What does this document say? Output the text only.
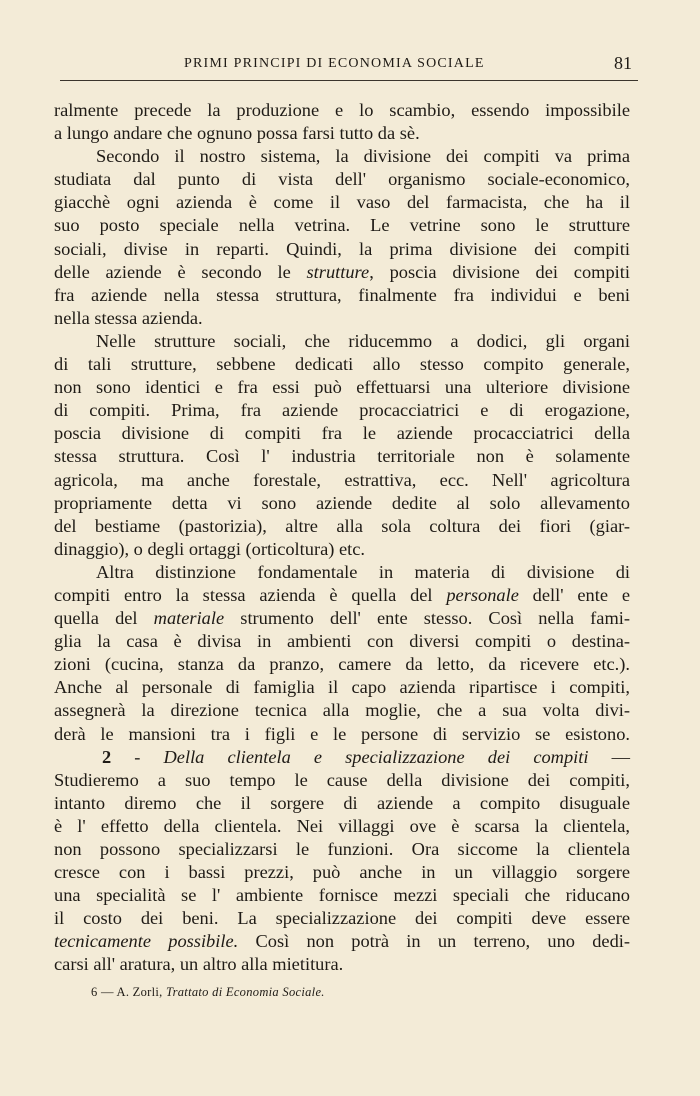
PRIMI PRINCIPI DI ECONOMIA SOCIALE	81
ralmente precede la produzione e lo scambio, essendo impossibile
a lungo andare che ognuno possa farsi tutto da sè.
Secondo il nostro sistema, la divisione dei compiti va prima
studiata dal punto di vista dell' organismo sociale-economico,
giacchè ogni azienda è come il vaso del farmacista, che ha il
suo posto speciale nella vetrina. Le vetrine sono le strutture
sociali, divise in reparti. Quindi, la prima divisione dei compiti
delle aziende è secondo le strutture, poscia divisione dei compiti
fra aziende nella stessa struttura, finalmente fra individui e beni
nella stessa azienda.
Nelle strutture sociali, che riducemmo a dodici, gli organi
di tali strutture, sebbene dedicati allo stesso compito generale,
non sono identici e fra essi può effettuarsi una ulteriore divisione
di compiti. Prima, fra aziende procacciatrici e di erogazione,
poscia divisione di compiti fra le aziende procacciatrici della
stessa struttura. Così l' industria territoriale non è solamente
agricola, ma anche forestale, estrattiva, ecc. Nell' agricoltura
propriamente detta vi sono aziende dedite al solo allevamento
del bestiame (pastorizia), altre alla sola coltura dei fiori (giar-
dinaggio), o degli ortaggi (orticoltura) etc.
Altra distinzione fondamentale in materia di divisione di
compiti entro la stessa azienda è quella del personale dell' ente e
quella del materiale strumento dell' ente stesso. Così nella fami-
glia la casa è divisa in ambienti con diversi compiti o destina-
zioni (cucina, stanza da pranzo, camere da letto, da ricevere etc.).
Anche al personale di famiglia il capo azienda ripartisce i compiti,
assegnerà la direzione tecnica alla moglie, che a sua volta divi-
derà le mansioni tra i figli e le persone di servizio se esistono.
2 - Della clientela e specializzazione dei compiti —
Studieremo a suo tempo le cause della divisione dei compiti,
intanto diremo che il sorgere di aziende a compito disuguale
è l' effetto della clientela. Nei villaggi ove è scarsa la clientela,
non possono specializzarsi le funzioni. Ora siccome la clientela
cresce con i bassi prezzi, può anche in un villaggio sorgere
una specialità se l' ambiente fornisce mezzi speciali che riducano
il costo dei beni. La specializzazione dei compiti deve essere
tecnicamente possibile. Così non potrà in un terreno, uno dedi-
carsi all' aratura, un altro alla mietitura.
6 — A. Zorli, Trattato di Economia Sociale.
